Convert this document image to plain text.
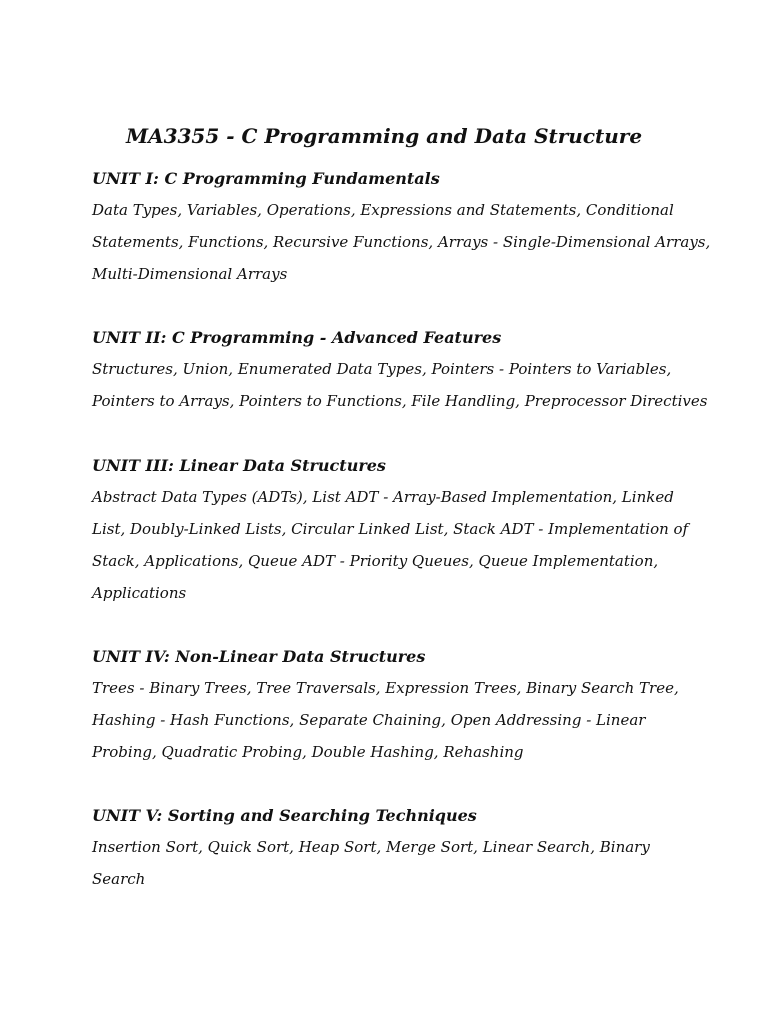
MA3355 - C Programming and Data Structure
UNIT I: C Programming Fundamentals

Data Types, Variables, Operations, Expressions and Statements, Conditional
Statements, Functions, Recursive Functions, Arrays - Single-Dimensional Arrays,
Multi-Dimensional Arrays

UNIT II: C Programming - Advanced Features

Structures, Union, Enumerated Data Types, Pointers - Pointers to Variables,
Pointers to Arrays, Pointers to Functions, File Handling, Preprocessor Directives

UNIT III: Linear Data Structures

Abstract Data Types (ADTs), List ADT - Array-Based Implementation, Linked
List, Doubly-Linked Lists, Circular Linked List, Stack ADT - Implementation of
Stack, Applications, Queue ADT - Priority Queues, Queue Implementation,
Applications

UNIT IV: Non-Linear Data Structures

Trees - Binary Trees, Tree Traversals, Expression Trees, Binary Search Tree,
Hashing - Hash Functions, Separate Chaining, Open Addressing - Linear
Probing, Quadratic Probing, Double Hashing, Rehashing

UNIT V: Sorting and Searching Techniques

Insertion Sort, Quick Sort, Heap Sort, Merge Sort, Linear Search, Binary
Search
